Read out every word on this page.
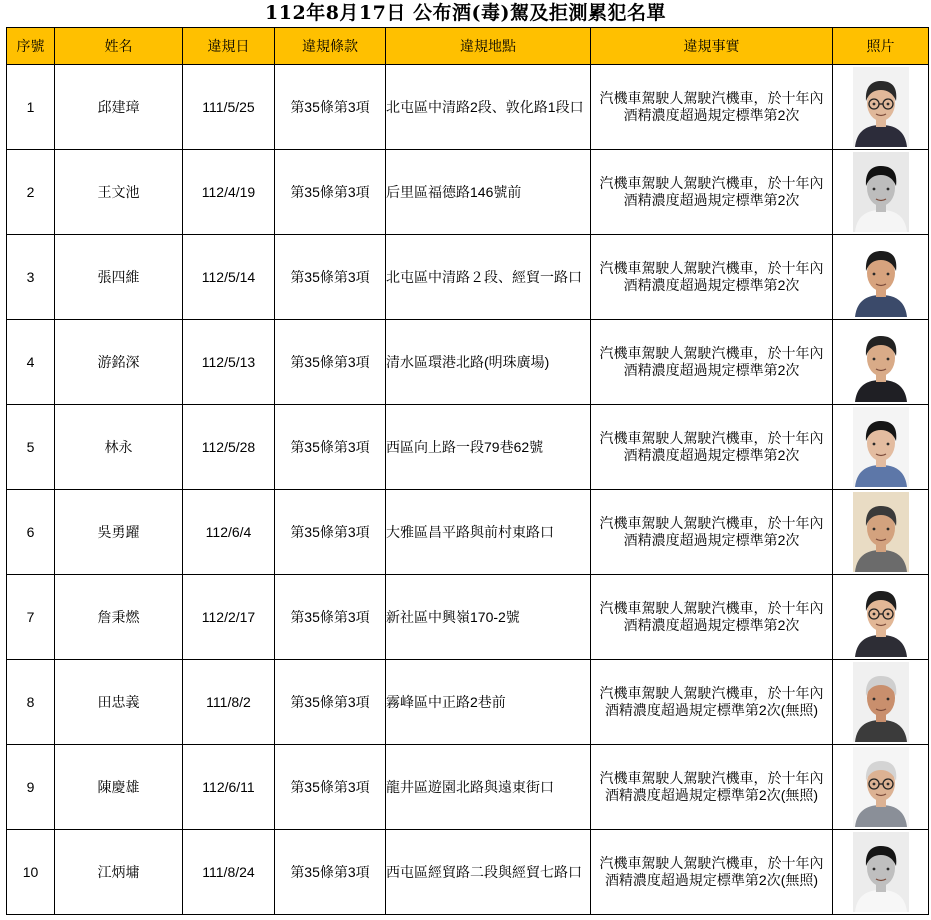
112年8月17日 公布酒(毒)駕及拒測累犯名單
序號	姓名	違規日	違規條款	違規地點	違規事實	照片
1	邱建璋	111/5/25	第35條第3項	北屯區中清路2段、敦化路1段口	汽機車駕駛人駕駛汽機車，於十年內
酒精濃度超過規定標準第2次

2	王文池	112/4/19	第35條第3項	后里區福德路146號前	汽機車駕駛人駕駛汽機車，於十年內
酒精濃度超過規定標準第2次

3	張四維	112/5/14	第35條第3項	北屯區中清路２段、經貿一路口	汽機車駕駛人駕駛汽機車，於十年內
酒精濃度超過規定標準第2次

4	游銘深	112/5/13	第35條第3項	清水區環港北路(明珠廣場)	汽機車駕駛人駕駛汽機車，於十年內
酒精濃度超過規定標準第2次

5	林永	112/5/28	第35條第3項	西區向上路一段79巷62號	汽機車駕駛人駕駛汽機車，於十年內
酒精濃度超過規定標準第2次

6	吳勇躍	112/6/4	第35條第3項	大雅區昌平路與前村東路口	汽機車駕駛人駕駛汽機車，於十年內
酒精濃度超過規定標準第2次

7	詹秉燃	112/2/17	第35條第3項	新社區中興嶺170-2號	汽機車駕駛人駕駛汽機車，於十年內
酒精濃度超過規定標準第2次

8	田忠義	111/8/2	第35條第3項	霧峰區中正路2巷前	汽機車駕駛人駕駛汽機車，於十年內
酒精濃度超過規定標準第2次(無照)

9	陳慶雄	112/6/11	第35條第3項	龍井區遊園北路與遠東街口	汽機車駕駛人駕駛汽機車，於十年內
酒精濃度超過規定標準第2次(無照)

10	江炳墉	111/8/24	第35條第3項	西屯區經貿路二段與經貿七路口	汽機車駕駛人駕駛汽機車，於十年內
酒精濃度超過規定標準第2次(無照)
